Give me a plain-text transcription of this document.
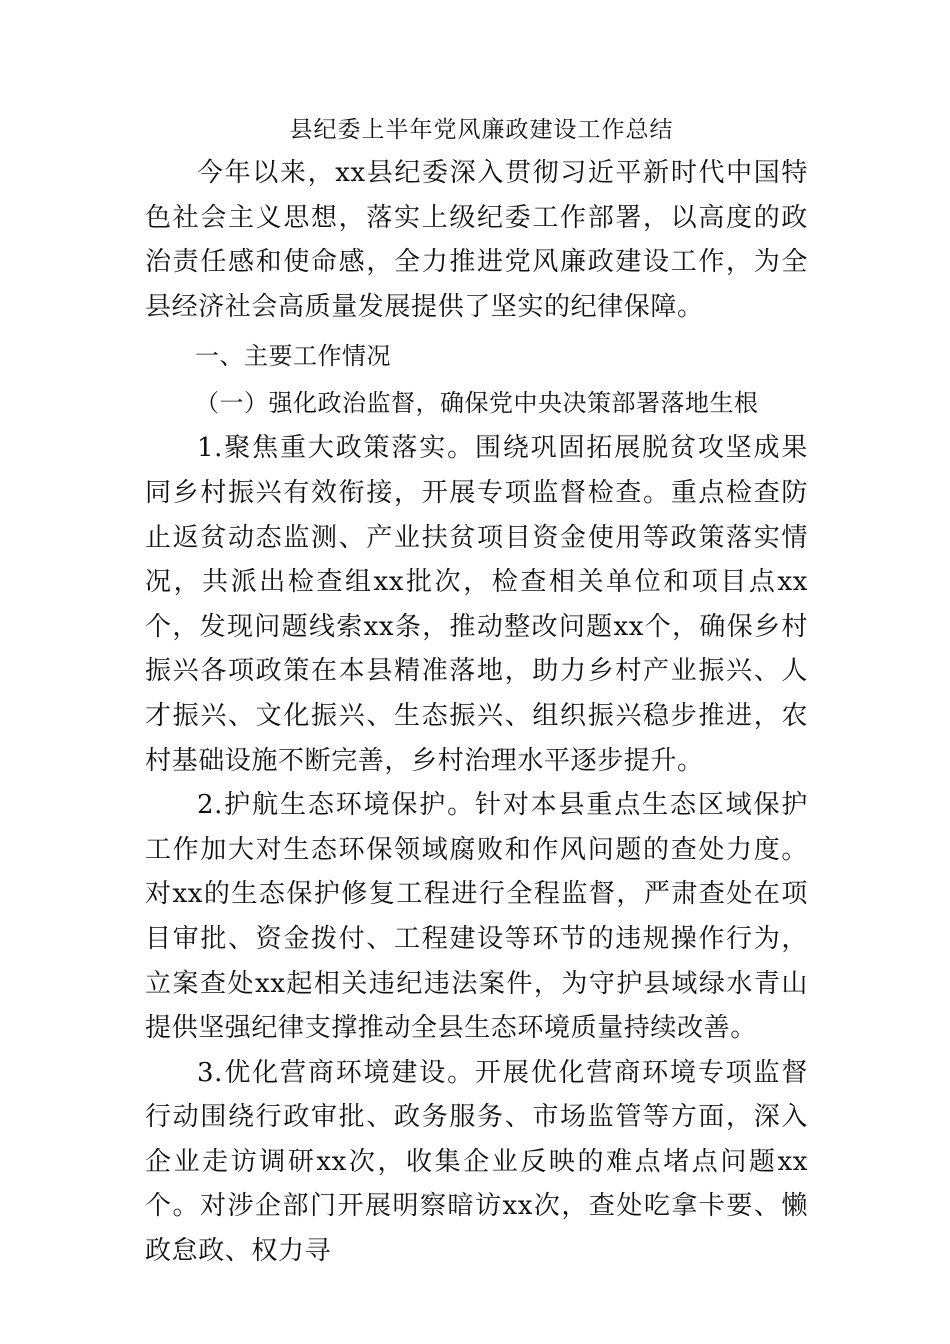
县纪委上半年党风廉政建设工作总结

今年以来，xx县纪委深入贯彻习近平新时代中国特色社会主义思想，落实上级纪委工作部署，以高度的政治责任感和使命感，全力推进党风廉政建设工作，为全县经济社会高质量发展提供了坚实的纪律保障。

一、主要工作情况

（一）强化政治监督，确保党中央决策部署落地生根

1.聚焦重大政策落实。围绕巩固拓展脱贫攻坚成果同乡村振兴有效衔接，开展专项监督检查。重点检查防止返贫动态监测、产业扶贫项目资金使用等政策落实情况，共派出检查组xx批次，检查相关单位和项目点xx个，发现问题线索xx条，推动整改问题xx个，确保乡村振兴各项政策在本县精准落地，助力乡村产业振兴、人才振兴、文化振兴、生态振兴、组织振兴稳步推进，农村基础设施不断完善，乡村治理水平逐步提升。

2.护航生态环境保护。针对本县重点生态区域保护工作加大对生态环保领域腐败和作风问题的查处力度。对xx的生态保护修复工程进行全程监督，严肃查处在项目审批、资金拨付、工程建设等环节的违规操作行为，立案查处xx起相关违纪违法案件，为守护县域绿水青山提供坚强纪律支撑推动全县生态环境质量持续改善。

3.优化营商环境建设。开展优化营商环境专项监督行动围绕行政审批、政务服务、市场监管等方面，深入企业走访调研xx次，收集企业反映的难点堵点问题xx个。对涉企部门开展明察暗访xx次，查处吃拿卡要、懒政怠政、权力寻
